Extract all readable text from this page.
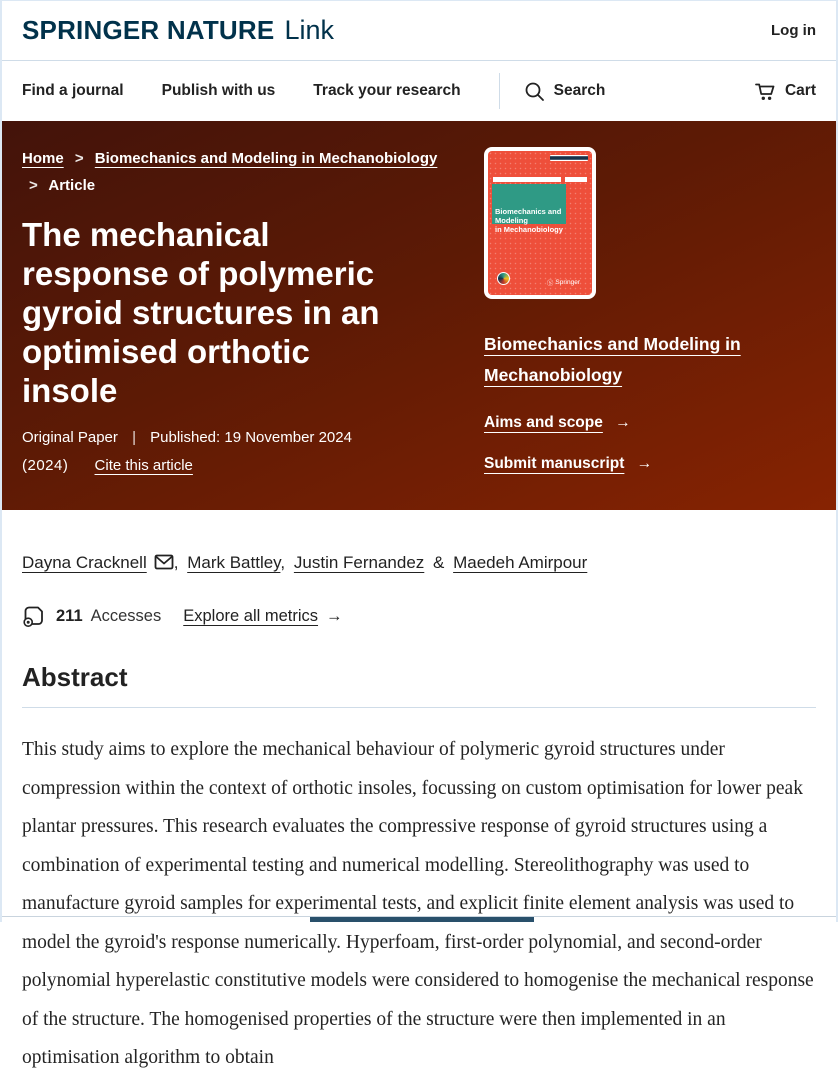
SPRINGER NATURE Link	Log in
Find a journal Publish with us Track your research	Search	Cart
Home > Biomechanics and Modeling in Mechanobiology > Article
The mechanical
response of polymeric
gyroid structures in an
optimised orthotic
insole
Original Paper | Published: 19 November 2024
(2024) Cite this article
Biomechanics and Modeling
in Mechanobiology
Ⓢ Springer
Biomechanics and Modeling in
Mechanobiology
Aims and scope →
Submit manuscript →
Dayna Cracknell , Mark Battley, Justin Fernandez & Maedeh Amirpour
211 Accesses Explore all metrics →
Abstract

This study aims to explore the mechanical behaviour of polymeric gyroid structures under compression within the context of orthotic insoles, focussing on custom optimisation for lower peak plantar pressures. This research evaluates the compressive response of gyroid structures using a combination of experimental testing and numerical modelling. Stereolithography was used to manufacture gyroid samples for experimental tests, and explicit finite element analysis was used to model the gyroid's response numerically. Hyperfoam, first-order polynomial, and second-order polynomial hyperelastic constitutive models were considered to homogenise the mechanical response of the structure. The homogenised properties of the structure were then implemented in an optimisation algorithm to obtain
